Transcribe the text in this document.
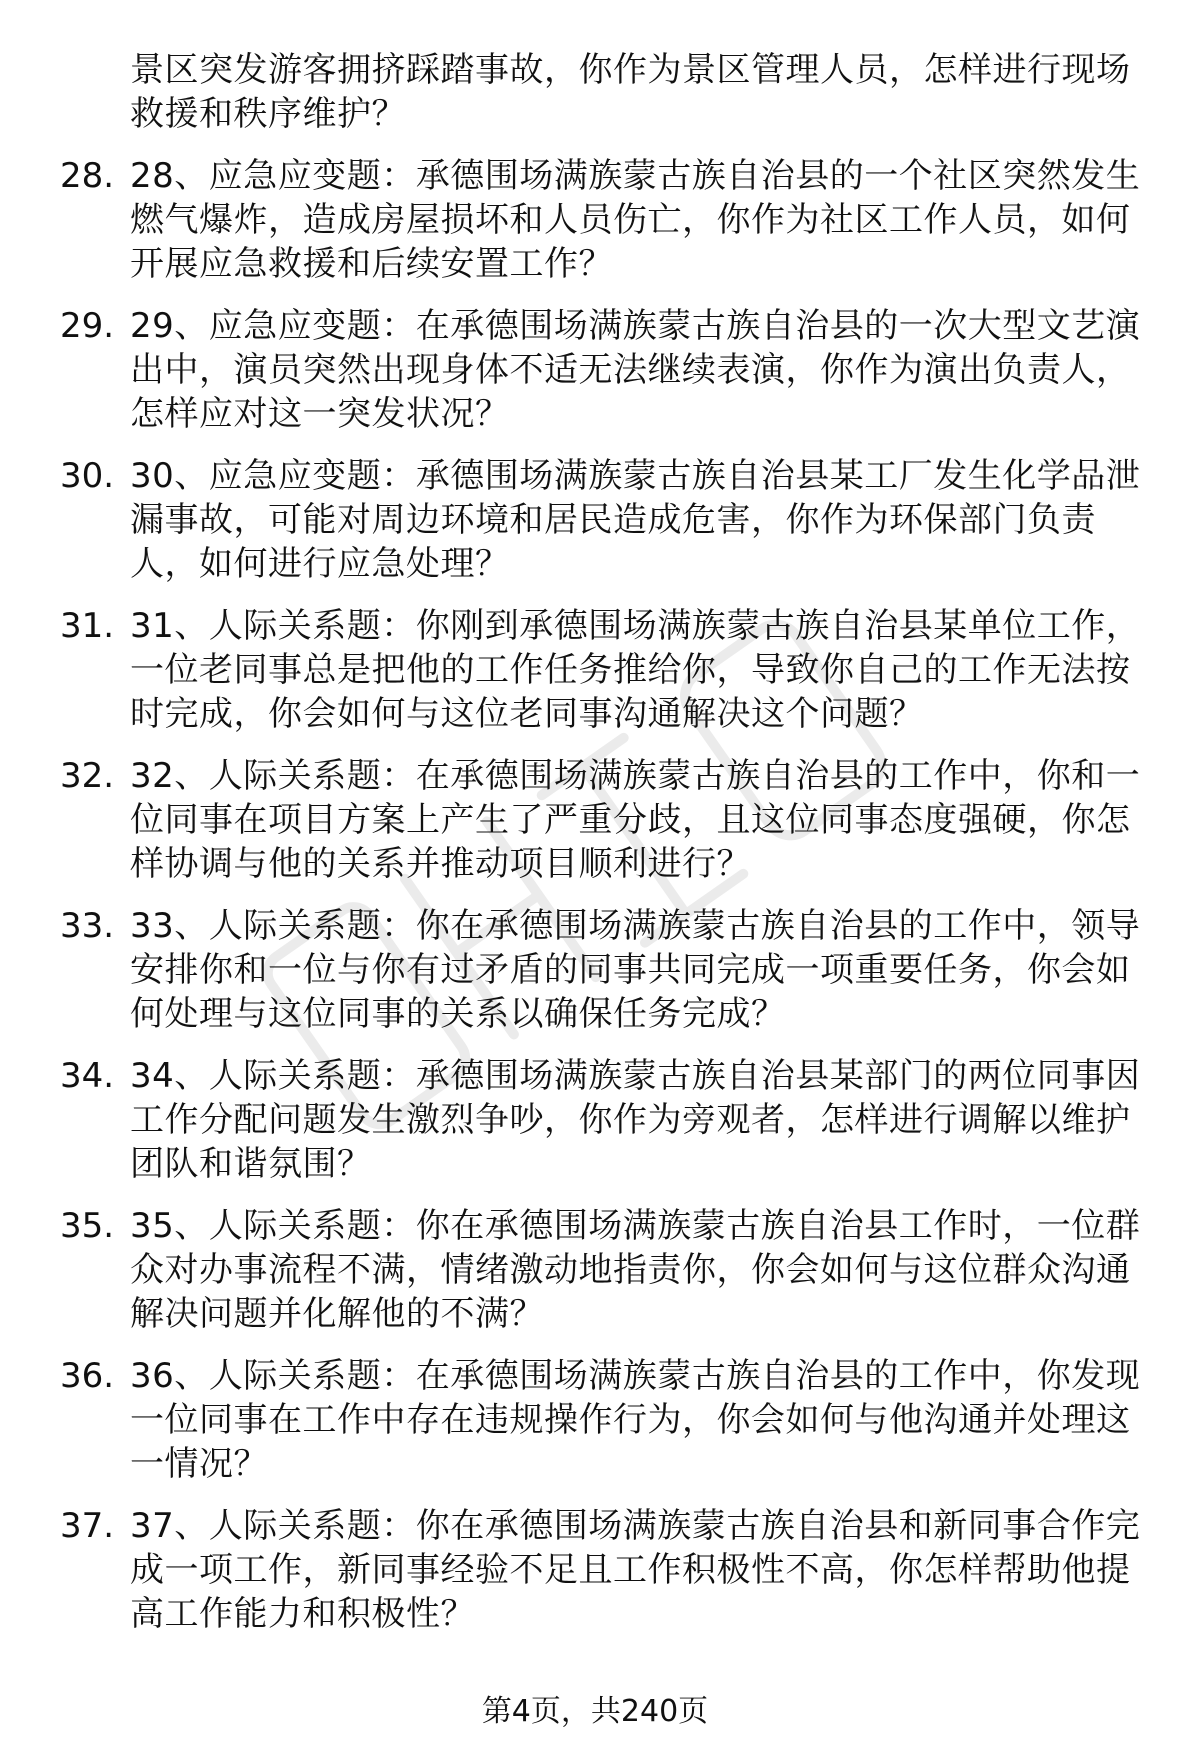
景区突发游客拥挤踩踏事故，你作为景区管理人员，怎样进行现场救援和秩序维护？
28. 28、应急应变题：承德围场满族蒙古族自治县的一个社区突然发生燃气爆炸，造成房屋损坏和人员伤亡，你作为社区工作人员，如何开展应急救援和后续安置工作？
29. 29、应急应变题：在承德围场满族蒙古族自治县的一次大型文艺演出中，演员突然出现身体不适无法继续表演，你作为演出负责人，怎样应对这一突发状况？
30. 30、应急应变题：承德围场满族蒙古族自治县某工厂发生化学品泄漏事故，可能对周边环境和居民造成危害，你作为环保部门负责人，如何进行应急处理？
31. 31、人际关系题：你刚到承德围场满族蒙古族自治县某单位工作，一位老同事总是把他的工作任务推给你，导致你自己的工作无法按时完成，你会如何与这位老同事沟通解决这个问题？
32. 32、人际关系题：在承德围场满族蒙古族自治县的工作中，你和一位同事在项目方案上产生了严重分歧，且这位同事态度强硬，你怎样协调与他的关系并推动项目顺利进行？
33. 33、人际关系题：你在承德围场满族蒙古族自治县的工作中，领导安排你和一位与你有过矛盾的同事共同完成一项重要任务，你会如何处理与这位同事的关系以确保任务完成？
34. 34、人际关系题：承德围场满族蒙古族自治县某部门的两位同事因工作分配问题发生激烈争吵，你作为旁观者，怎样进行调解以维护团队和谐氛围？
35. 35、人际关系题：你在承德围场满族蒙古族自治县工作时，一位群众对办事流程不满，情绪激动地指责你，你会如何与这位群众沟通解决问题并化解他的不满？
36. 36、人际关系题：在承德围场满族蒙古族自治县的工作中，你发现一位同事在工作中存在违规操作行为，你会如何与他沟通并处理这一情况？
37. 37、人际关系题：你在承德围场满族蒙古族自治县和新同事合作完成一项工作，新同事经验不足且工作积极性不高，你怎样帮助他提高工作能力和积极性？
第4页，共240页
